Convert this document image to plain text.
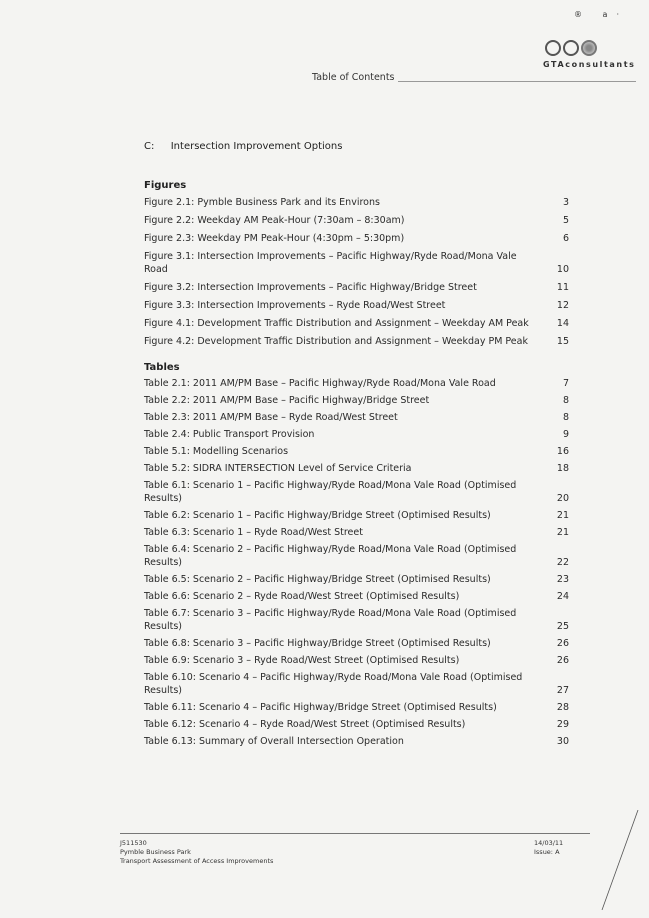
® a·
GTAconsultants
Table of Contents
C: Intersection Improvement Options
Figures
Figure 2.1: Pymble Business Park and its Environs	3
Figure 2.2: Weekday AM Peak-Hour (7:30am – 8:30am)	5
Figure 2.3: Weekday PM Peak-Hour (4:30pm – 5:30pm)	6
Figure 3.1: Intersection Improvements – Pacific Highway/Ryde Road/Mona Vale Road	10
Figure 3.2: Intersection Improvements – Pacific Highway/Bridge Street	11
Figure 3.3: Intersection Improvements – Ryde Road/West Street	12
Figure 4.1: Development Traffic Distribution and Assignment – Weekday AM Peak	14
Figure 4.2: Development Traffic Distribution and Assignment – Weekday PM Peak	15
Tables
Table 2.1: 2011 AM/PM Base – Pacific Highway/Ryde Road/Mona Vale Road	7
Table 2.2: 2011 AM/PM Base – Pacific Highway/Bridge Street	8
Table 2.3: 2011 AM/PM Base – Ryde Road/West Street	8
Table 2.4: Public Transport Provision	9
Table 5.1: Modelling Scenarios	16
Table 5.2: SIDRA INTERSECTION Level of Service Criteria	18
Table 6.1: Scenario 1 – Pacific Highway/Ryde Road/Mona Vale Road (Optimised Results)	20
Table 6.2: Scenario 1 – Pacific Highway/Bridge Street (Optimised Results)	21
Table 6.3: Scenario 1 – Ryde Road/West Street	21
Table 6.4: Scenario 2 – Pacific Highway/Ryde Road/Mona Vale Road (Optimised Results)	22
Table 6.5: Scenario 2 – Pacific Highway/Bridge Street (Optimised Results)	23
Table 6.6: Scenario 2 – Ryde Road/West Street (Optimised Results)	24
Table 6.7: Scenario 3 – Pacific Highway/Ryde Road/Mona Vale Road (Optimised Results)	25
Table 6.8: Scenario 3 – Pacific Highway/Bridge Street (Optimised Results)	26
Table 6.9: Scenario 3 – Ryde Road/West Street (Optimised Results)	26
Table 6.10: Scenario 4 – Pacific Highway/Ryde Road/Mona Vale Road (Optimised Results)	27
Table 6.11: Scenario 4 – Pacific Highway/Bridge Street (Optimised Results)	28
Table 6.12: Scenario 4 – Ryde Road/West Street (Optimised Results)	29
Table 6.13: Summary of Overall Intersection Operation	30
J511530
Pymble Business Park
Transport Assessment of Access Improvements
14/03/11
Issue: A
